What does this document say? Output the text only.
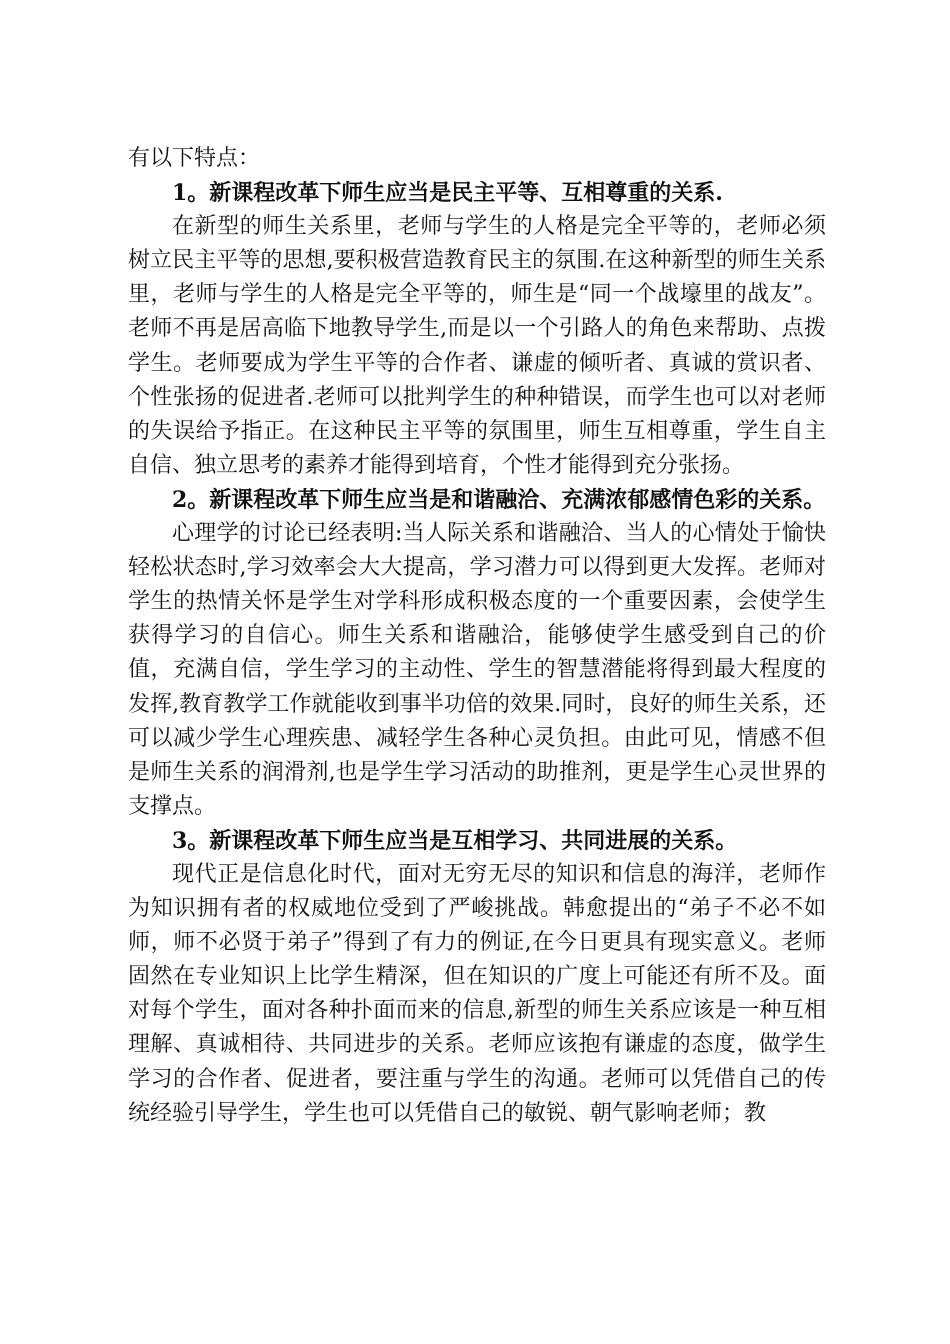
有以下特点：

1。新课程改革下师生应当是民主平等、互相尊重的关系.

在新型的师生关系里，老师与学生的人格是完全平等的，老师必须树立民主平等的思想,要积极营造教育民主的氛围.在这种新型的师生关系里，老师与学生的人格是完全平等的，师生是“同一个战壕里的战友”。老师不再是居高临下地教导学生,而是以一个引路人的角色来帮助、点拨学生。老师要成为学生平等的合作者、谦虚的倾听者、真诚的赏识者、个性张扬的促进者.老师可以批判学生的种种错误，而学生也可以对老师的失误给予指正。在这种民主平等的氛围里，师生互相尊重，学生自主自信、独立思考的素养才能得到培育，个性才能得到充分张扬。

2。新课程改革下师生应当是和谐融洽、充满浓郁感情色彩的关系。

心理学的讨论已经表明:当人际关系和谐融洽、当人的心情处于愉快轻松状态时,学习效率会大大提高，学习潜力可以得到更大发挥。老师对学生的热情关怀是学生对学科形成积极态度的一个重要因素，会使学生获得学习的自信心。师生关系和谐融洽，能够使学生感受到自己的价值，充满自信，学生学习的主动性、学生的智慧潜能将得到最大程度的发挥,教育教学工作就能收到事半功倍的效果.同时，良好的师生关系，还可以减少学生心理疾患、减轻学生各种心灵负担。由此可见，情感不但是师生关系的润滑剂,也是学生学习活动的助推剂，更是学生心灵世界的支撑点。

3。新课程改革下师生应当是互相学习、共同进展的关系。

现代正是信息化时代，面对无穷无尽的知识和信息的海洋，老师作为知识拥有者的权威地位受到了严峻挑战。韩愈提出的“弟子不必不如师，师不必贤于弟子”得到了有力的例证,在今日更具有现实意义。老师固然在专业知识上比学生精深，但在知识的广度上可能还有所不及。面对每个学生，面对各种扑面而来的信息,新型的师生关系应该是一种互相理解、真诚相待、共同进步的关系。老师应该抱有谦虚的态度，做学生学习的合作者、促进者，要注重与学生的沟通。老师可以凭借自己的传统经验引导学生，学生也可以凭借自己的敏锐、朝气影响老师；教
